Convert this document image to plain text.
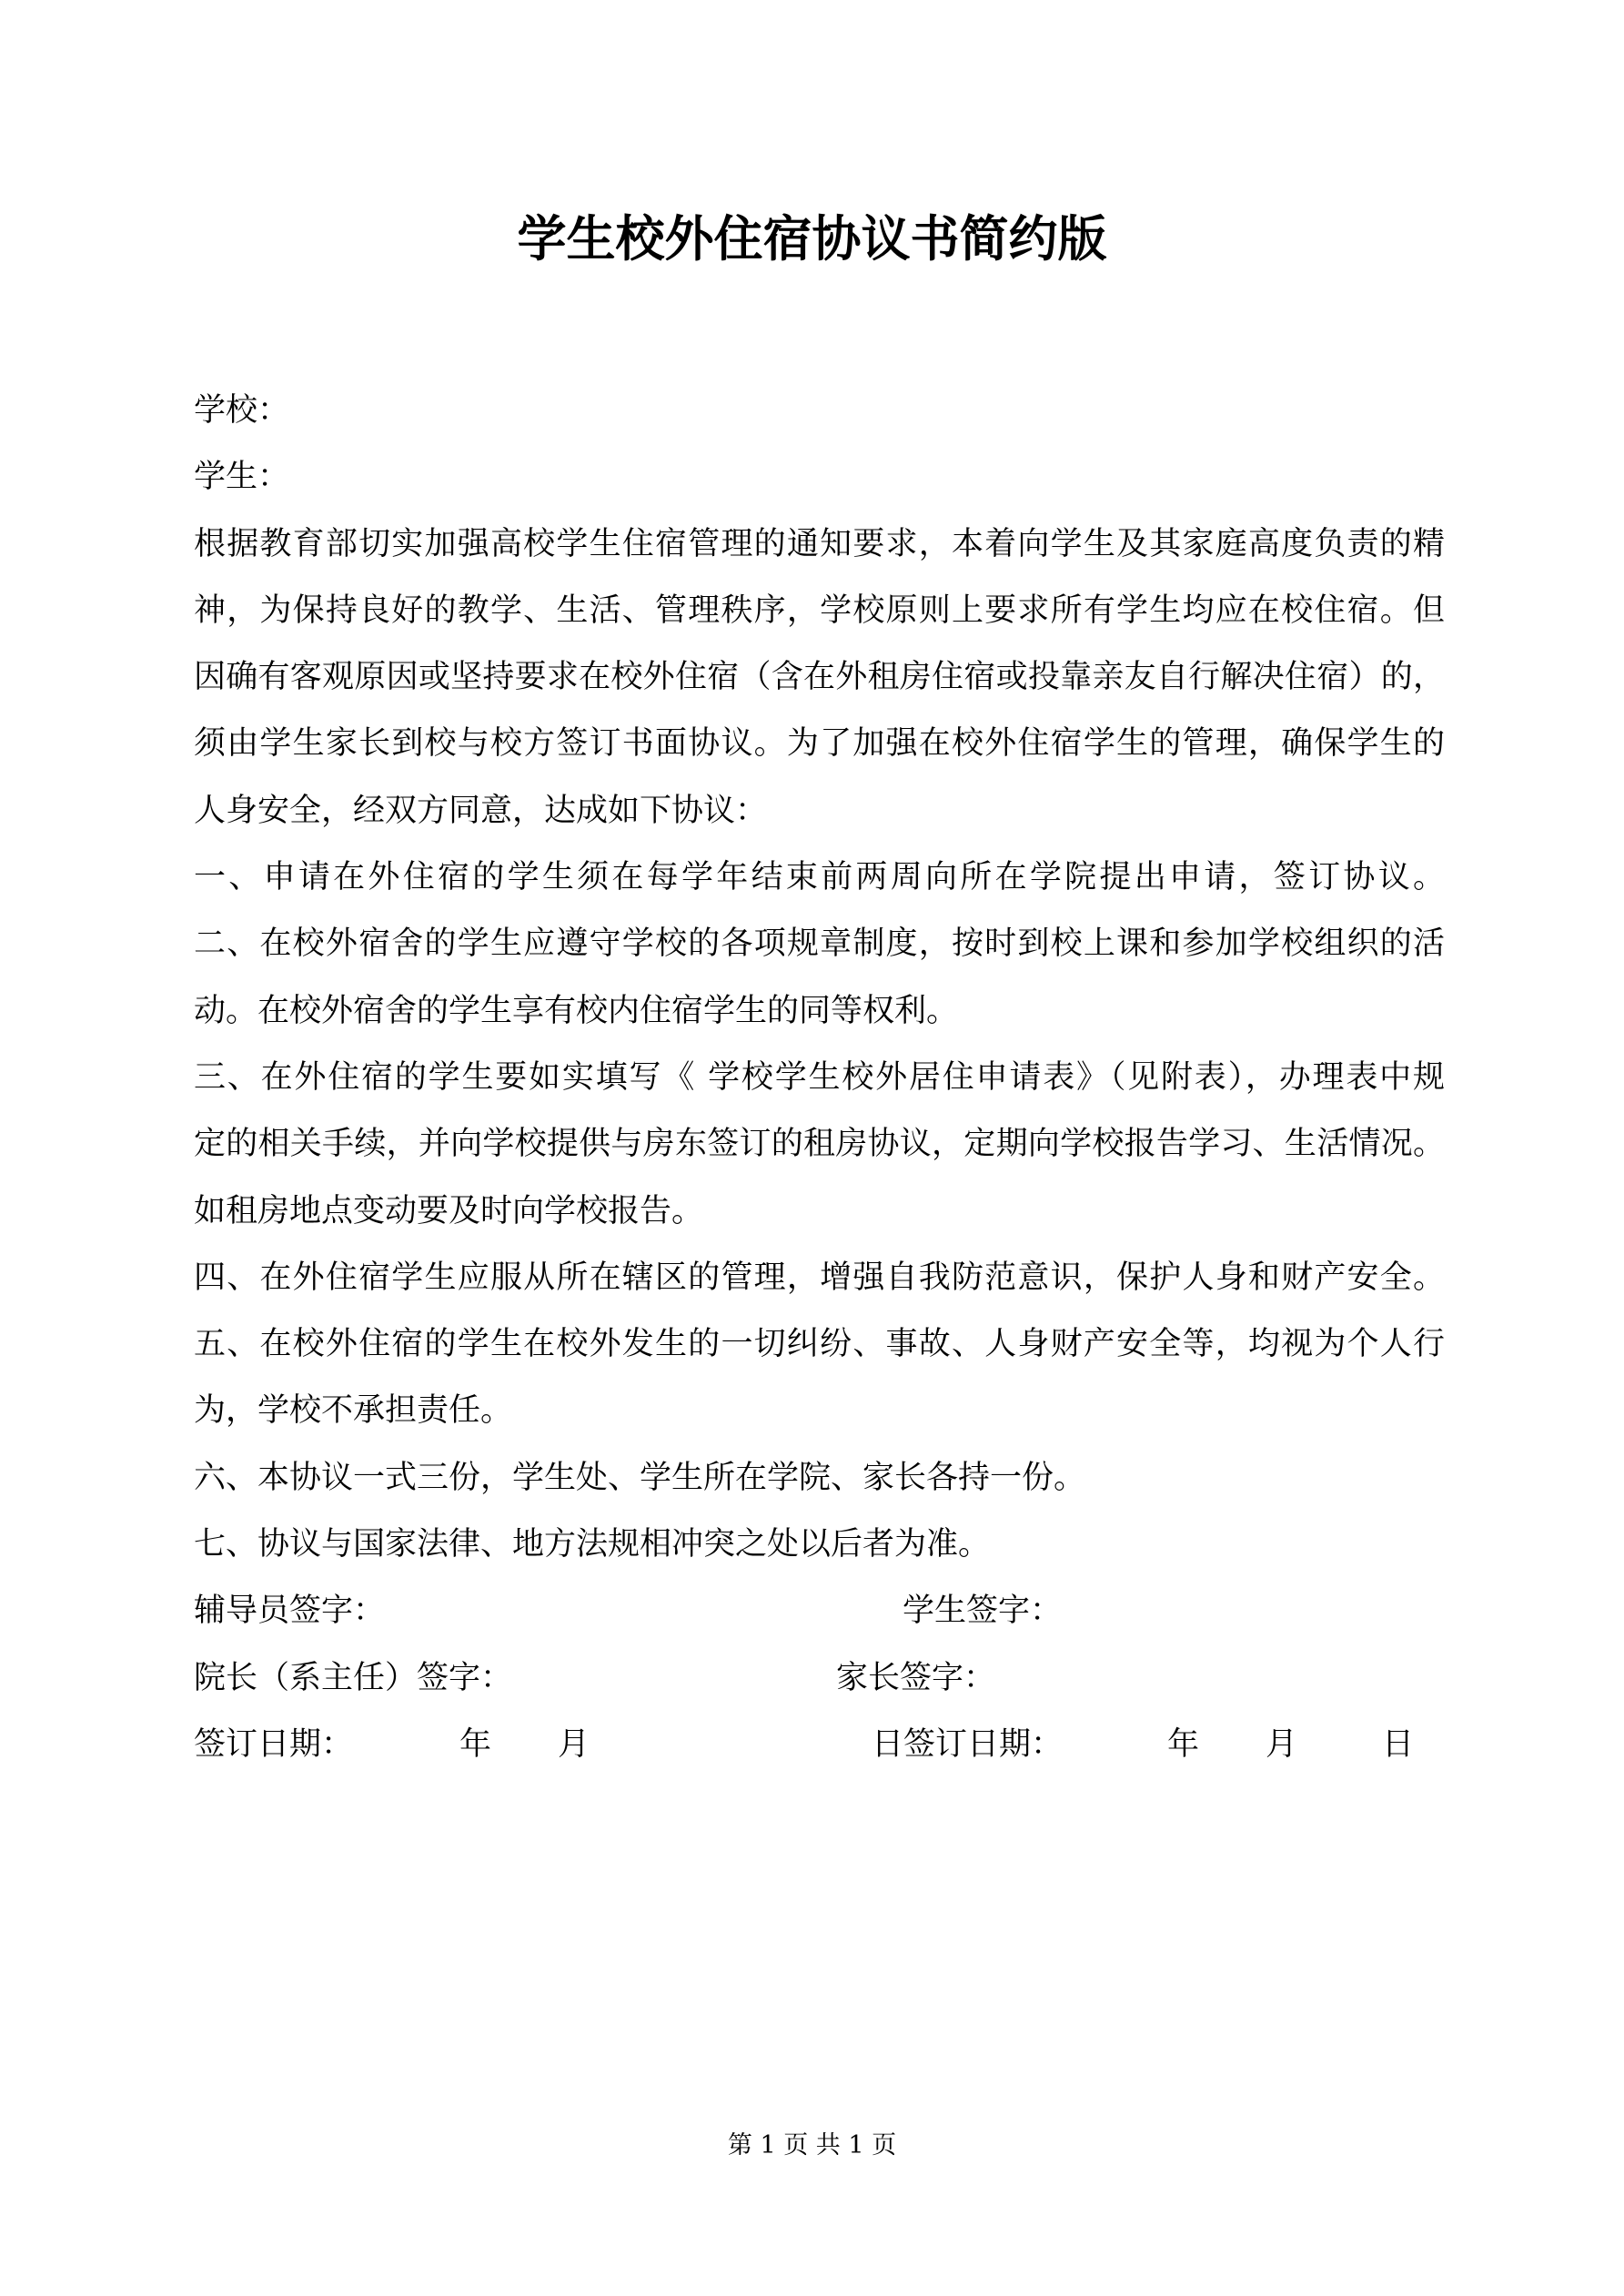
学生校外住宿协议书简约版
学校：
学生：
根据教育部切实加强高校学生住宿管理的通知要求，本着向学生及其家庭高度负责的精
神，为保持良好的教学、生活、管理秩序，学校原则上要求所有学生均应在校住宿。但
因确有客观原因或坚持要求在校外住宿（含在外租房住宿或投靠亲友自行解决住宿）的，
须由学生家长到校与校方签订书面协议。为了加强在校外住宿学生的管理，确保学生的
人身安全，经双方同意，达成如下协议：
一、申请在外住宿的学生须在每学年结束前两周向所在学院提出申请，签订协议。
二、在校外宿舍的学生应遵守学校的各项规章制度，按时到校上课和参加学校组织的活
动。在校外宿舍的学生享有校内住宿学生的同等权利。
三、在外住宿的学生要如实填写《 学校学生校外居住申请表》（见附表），办理表中规
定的相关手续，并向学校提供与房东签订的租房协议，定期向学校报告学习、生活情况。
如租房地点变动要及时向学校报告。
四、在外住宿学生应服从所在辖区的管理，增强自我防范意识，保护人身和财产安全。
五、在校外住宿的学生在校外发生的一切纠纷、事故、人身财产安全等，均视为个人行
为，学校不承担责任。
六、本协议一式三份，学生处、学生所在学院、家长各持一份。
七、协议与国家法律、地方法规相冲突之处以后者为准。
辅导员签字：	学生签字：
院长（系主任）签字：	家长签字：
签订日期：	年 月	日签订日期：	年 月	日
第 1 页 共 1 页
